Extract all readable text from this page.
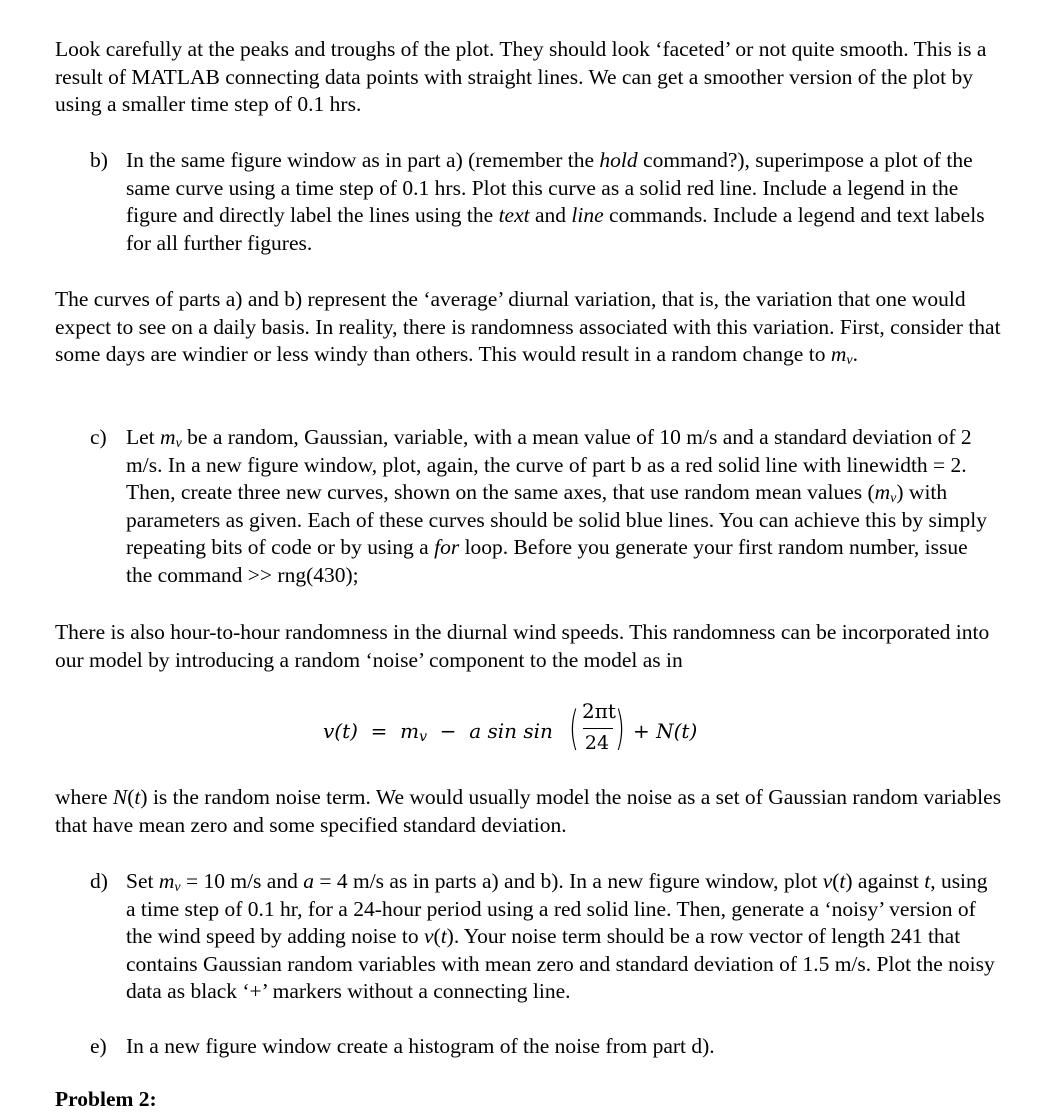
Look carefully at the peaks and troughs of the plot. They should look ‘faceted’ or not quite smooth. This is a result of MATLAB connecting data points with straight lines. We can get a smoother version of the plot by using a smaller time step of 0.1 hrs.

b) In the same figure window as in part a) (remember the hold command?), superimpose a plot of the same curve using a time step of 0.1 hrs. Plot this curve as a solid red line. Include a legend in the figure and directly label the lines using the text and line commands. Include a legend and text labels for all further figures.

The curves of parts a) and b) represent the ‘average’ diurnal variation, that is, the variation that one would expect to see on a daily basis. In reality, there is randomness associated with this variation. First, consider that some days are windier or less windy than others. This would result in a random change to mv.

c) Let mv be a random, Gaussian, variable, with a mean value of 10 m/s and a standard deviation of 2 m/s. In a new figure window, plot, again, the curve of part b as a red solid line with linewidth = 2. Then, create three new curves, shown on the same axes, that use random mean values (mv) with parameters as given. Each of these curves should be solid blue lines. You can achieve this by simply repeating bits of code or by using a for loop. Before you generate your first random number, issue the command >> rng(430);

There is also hour-to-hour randomness in the diurnal wind speeds. This randomness can be incorporated into our model by introducing a random ‘noise’ component to the model as in

v(t)  =  mv  −  a sin sin ( 2πt
24 ) + N(t)

where N(t) is the random noise term. We would usually model the noise as a set of Gaussian random variables that have mean zero and some specified standard deviation.

d) Set mv = 10 m/s and a = 4 m/s as in parts a) and b). In a new figure window, plot v(t) against t, using a time step of 0.1 hr, for a 24-hour period using a red solid line. Then, generate a ‘noisy’ version of the wind speed by adding noise to v(t). Your noise term should be a row vector of length 241 that contains Gaussian random variables with mean zero and standard deviation of 1.5 m/s. Plot the noisy data as black ‘+’ markers without a connecting line.
e) In a new figure window create a histogram of the noise from part d).
Problem 2:
